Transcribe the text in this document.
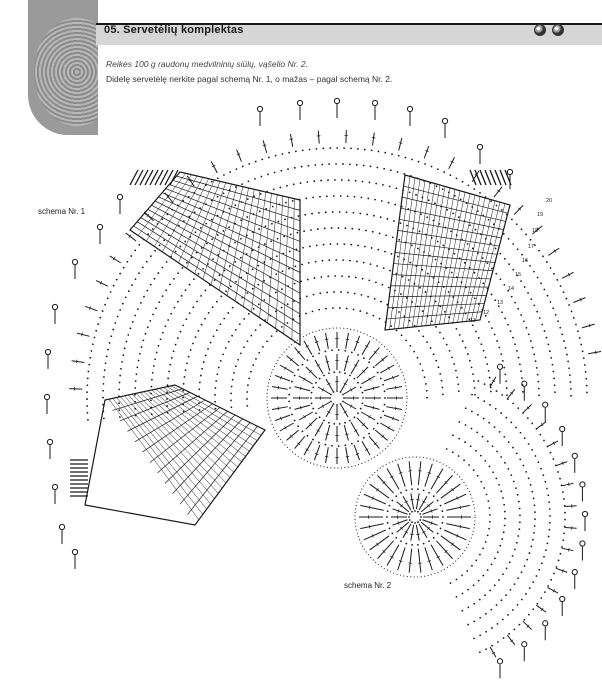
05. Servetėlių komplektas
Reikės 100 g raudonų medvilninių siūlų, vąšelio Nr. 2.
Didelę servetėlę nerkite pagal schemą Nr. 1, o mažas – pagal schemą Nr. 2.
20
19
18
17
16
15
14
13
12
11
schema Nr. 1
schema Nr. 2
